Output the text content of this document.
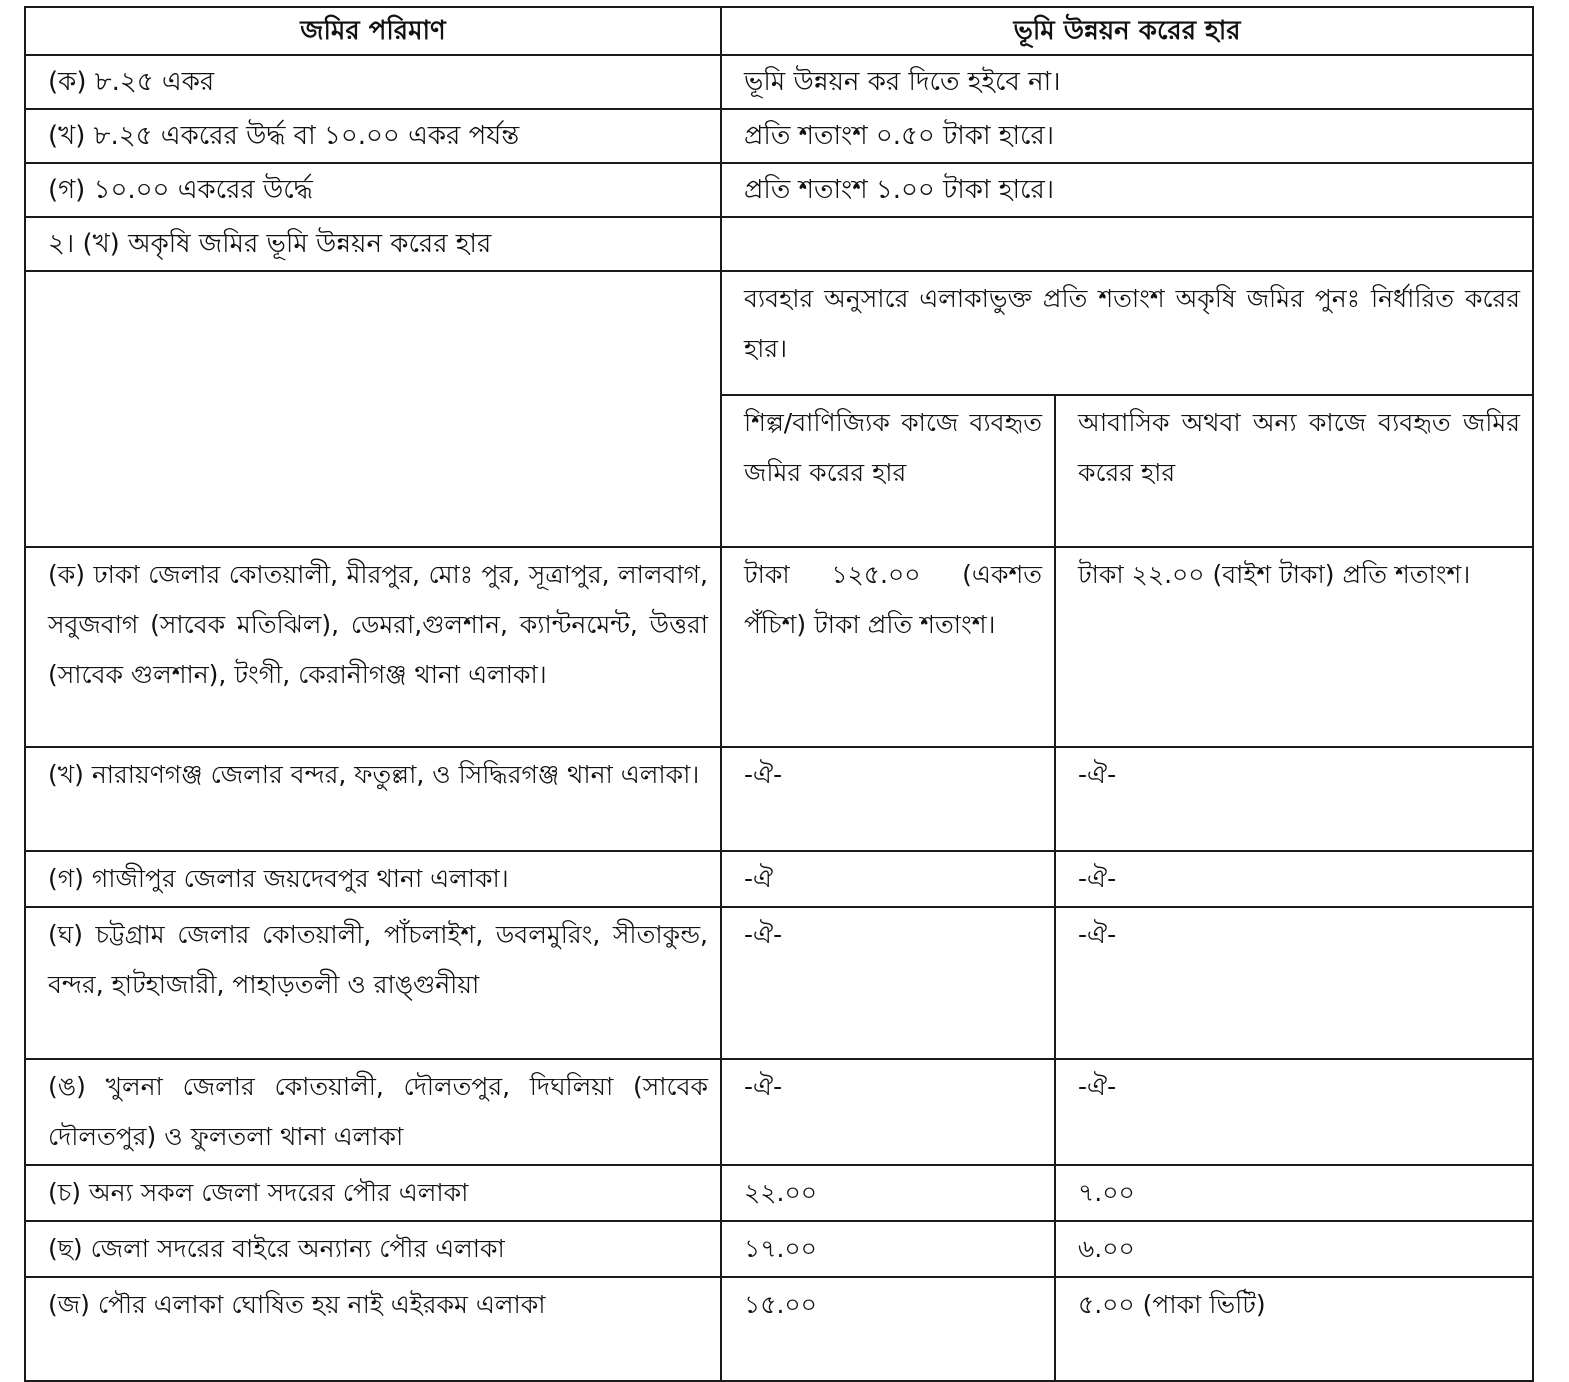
জমির পরিমাণ	ভূমি উন্নয়ন করের হার	
(ক) ৮.২৫ একর	ভূমি উন্নয়ন কর দিতে হইবে না।	
(খ) ৮.২৫ একরের উর্দ্ধ বা ১০.০০ একর পর্যন্ত	প্রতি শতাংশ ০.৫০ টাকা হারে।	
(গ) ১০.০০ একরের উর্দ্ধে	প্রতি শতাংশ ১.০০ টাকা হারে।	
২। (খ) অকৃষি জমির ভূমি উন্নয়ন করের হার		
	ব্যবহার অনুসারে এলাকাভুক্ত প্রতি শতাংশ অকৃষি জমির পুনঃ নির্ধারিত করের হার।	
	শিল্প/বাণিজ্যিক কাজে ব্যবহৃত জমির করের হার	আবাসিক অথবা অন্য কাজে ব্যবহৃত জমির করের হার
(ক) ঢাকা জেলার কোতয়ালী, মীরপুর, মোঃ পুর, সূত্রাপুর, লালবাগ, সবুজবাগ (সাবেক মতিঝিল), ডেমরা,গুলশান, ক্যান্টনমেন্ট, উত্তরা (সাবেক গুলশান), টংগী, কেরানীগঞ্জ থানা এলাকা।	টাকা ১২৫.০০ (একশত পঁচিশ) টাকা প্রতি শতাংশ।	টাকা ২২.০০ (বাইশ টাকা) প্রতি শতাংশ।
(খ) নারায়ণগঞ্জ জেলার বন্দর, ফতুল্লা, ও সিদ্ধিরগঞ্জ থানা এলাকা।	-ঐ-	-ঐ-
(গ) গাজীপুর জেলার জয়দেবপুর থানা এলাকা।	-ঐ	-ঐ-
(ঘ) চট্টগ্রাম জেলার কোতয়ালী, পাঁচলাইশ, ডবলমুরিং, সীতাকুন্ড, বন্দর, হাটহাজারী, পাহাড়তলী ও রাঙ্গুনীয়া	-ঐ-	-ঐ-
(ঙ) খুলনা জেলার কোতয়ালী, দৌলতপুর, দিঘলিয়া (সাবেক দৌলতপুর) ও ফুলতলা থানা এলাকা	-ঐ-	-ঐ-
(চ) অন্য সকল জেলা সদরের পৌর এলাকা	২২.০০	৭.০০
(ছ) জেলা সদরের বাইরে অন্যান্য পৌর এলাকা	১৭.০০	৬.০০
(জ) পৌর এলাকা ঘোষিত হয় নাই এইরকম এলাকা	১৫.০০	৫.০০ (পাকা ভিটি)
